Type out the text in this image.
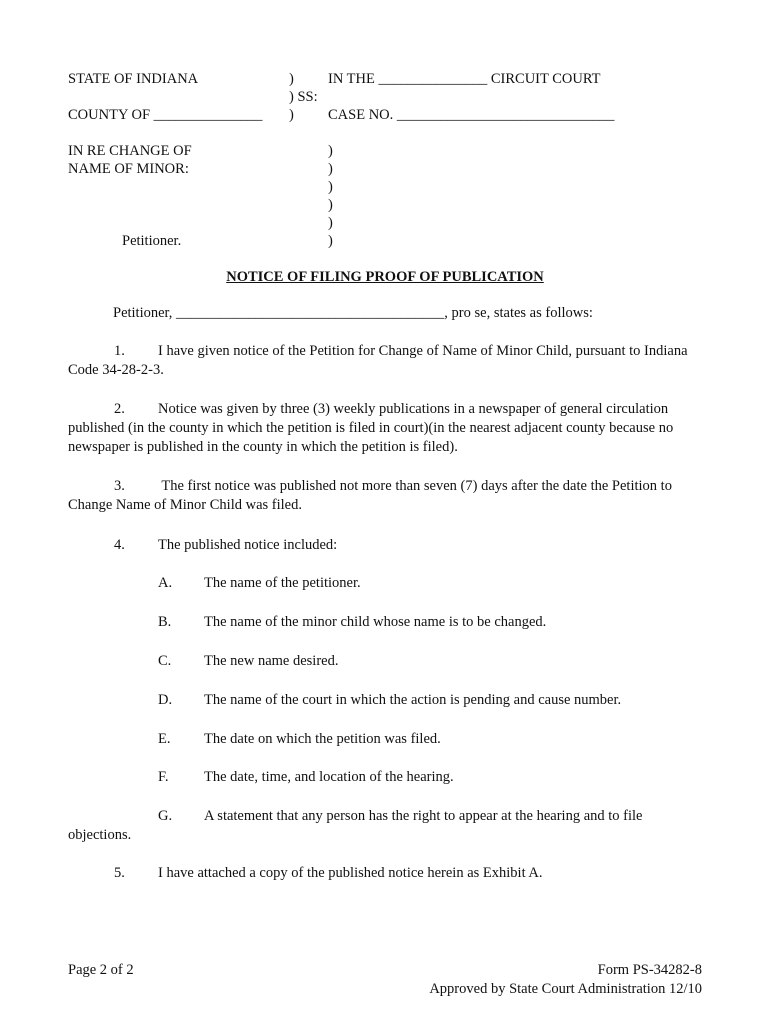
STATE OF INDIANA	) IN THE _______________ CIRCUIT COURT
) SS:
COUNTY OF _______________ ) CASE NO. ______________________________
IN RE CHANGE OF
NAME OF MINOR:
)
)
)
)
)
)
Petitioner.
NOTICE OF FILING PROOF OF PUBLICATION
Petitioner, _____________________________________, pro se, states as follows:
1. I have given notice of the Petition for Change of Name of Minor Child, pursuant to Indiana Code 34-28-2-3.
2. Notice was given by three (3) weekly publications in a newspaper of general circulation published (in the county in which the petition is filed in court)(in the nearest adjacent county because no newspaper is published in the county in which the petition is filed).
3. The first notice was published not more than seven (7) days after the date the Petition to Change Name of Minor Child was filed.
4. The published notice included:
A. The name of the petitioner.
B. The name of the minor child whose name is to be changed.
C. The new name desired.
D. The name of the court in which the action is pending and cause number.
E. The date on which the petition was filed.
F. The date, time, and location of the hearing.
G. A statement that any person has the right to appear at the hearing and to file
objections.
5. I have attached a copy of the published notice herein as Exhibit A.
Page 2 of 2	Form PS-34282-8
Approved by State Court Administration 12/10
